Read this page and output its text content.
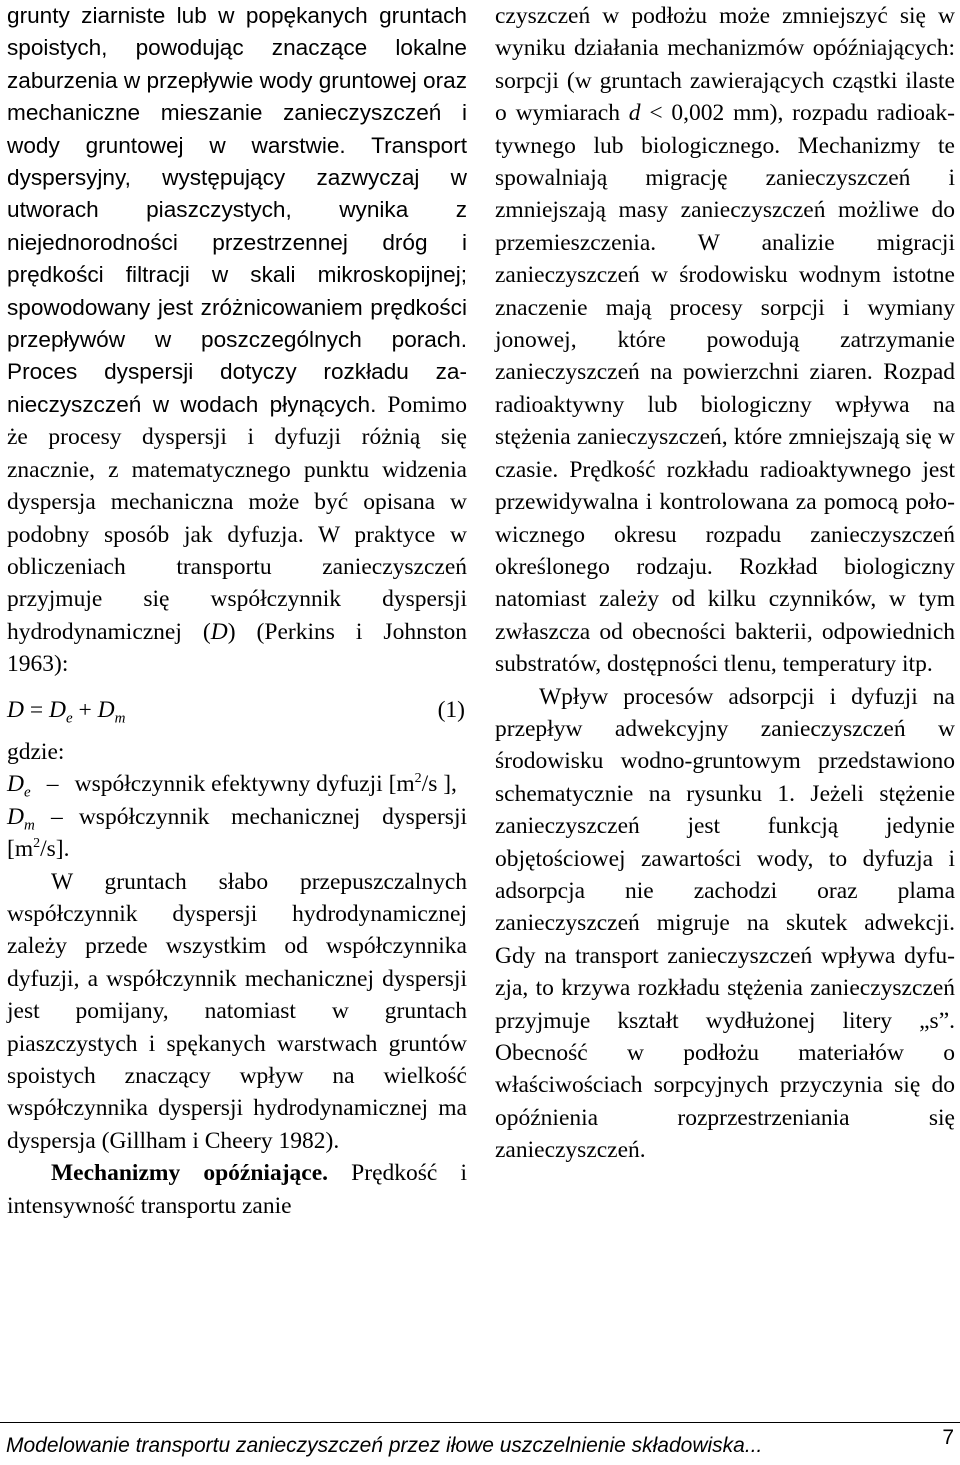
grunty ziarniste lub w popękanych gruntach spoistych, powodując znaczące lokalne zaburzenia w przepływie wody gruntowej oraz mechaniczne mieszanie zanieczyszczeń i wody gruntowej w warstwie. Transport dyspersyjny, występujący zazwyczaj w utworach piaszczystych, wynika z niejednorodności przestrzennej dróg i prędkości filtracji w skali mikroskopijnej; spowodowany jest zróżnicowaniem prędkości przepływów w poszczególnych porach. Proces dyspersji dotyczy rozkładu zanieczyszczeń w wodach płynących. Pomimo że procesy dyspersji i dyfuzji różnią się znacznie, z matematycznego punktu widzenia dyspersja mechaniczna może być opisana w podobny sposób jak dyfuzja. W praktyce w obliczeniach transportu zanieczyszczeń przyjmuje się współczynnik dyspersji hydrodynamicznej (D) (Perkins i Johnston 1963):

$D = D_e + D_m$	(1)

gdzie:

$D_e$ – współczynnik efektywny dyfuzji [$m^2/s$ ],

$D_m$ – współczynnik mechanicznej dyspersji $[m^2/s]$.

W gruntach słabo przepuszczalnych współczynnik dyspersji hydrodynamicznej zależy przede wszystkim od współczynnika dyfuzji, a współczynnik mechanicznej dyspersji jest pomijany, natomiast w gruntach piaszczystych i spękanych warstwach gruntów spoistych znaczący wpływ na wielkość współczynnika dyspersji hydrodynamicznej ma dyspersja (Gillham i Cheery 1982).

Mechanizmy opóźniające. Prędkość i intensywność transportu zanie

czyszczeń w podłożu może zmniejszyć się w wyniku działania mechanizmów opóźniających: sorpcji (w gruntach zawierających cząstki ilaste o wymiarach d < 0,002 mm), rozpadu radioaktywnego lub biologicznego. Mechanizmy te spowalniają migrację zanieczyszczeń i zmniejszają masy zanieczyszczeń możliwe do przemieszczenia. W analizie migracji zanieczyszczeń w środowisku wodnym istotne znaczenie mają procesy sorpcji i wymiany jonowej, które powodują zatrzymanie zanieczyszczeń na powierzchni ziaren. Rozpad radioaktywny lub biologiczny wpływa na stężenia zanieczyszczeń, które zmniejszają się w czasie. Prędkość rozkładu radioaktywnego jest przewidywalna i kontrolowana za pomocą połowicznego okresu rozpadu zanieczyszczeń określonego rodzaju. Rozkład biologiczny natomiast zależy od kilku czynników, w tym zwłaszcza od obecności bakterii, odpowiednich substratów, dostępności tlenu, temperatury itp.

Wpływ procesów adsorpcji i dyfuzji na przepływ adwekcyjny zanieczyszczeń w środowisku wodno-gruntowym przedstawiono schematycznie na rysunku 1. Jeżeli stężenie zanieczyszczeń jest funkcją jedynie objętościowej zawartości wody, to dyfuzja i adsorpcja nie zachodzi oraz plama zanieczyszczeń migruje na skutek adwekcji. Gdy na transport zanieczyszczeń wpływa dyfuzja, to krzywa rozkładu stężenia zanieczyszczeń przyjmuje kształt wydłużonej litery „s”. Obecność w podłożu materiałów o właściwościach sorpcyjnych przyczynia się do opóźnienia rozprzestrzeniania się zanieczyszczeń.

Modelowanie transportu zanieczyszczeń przez iłowe uszczelnienie składowiska...	7
